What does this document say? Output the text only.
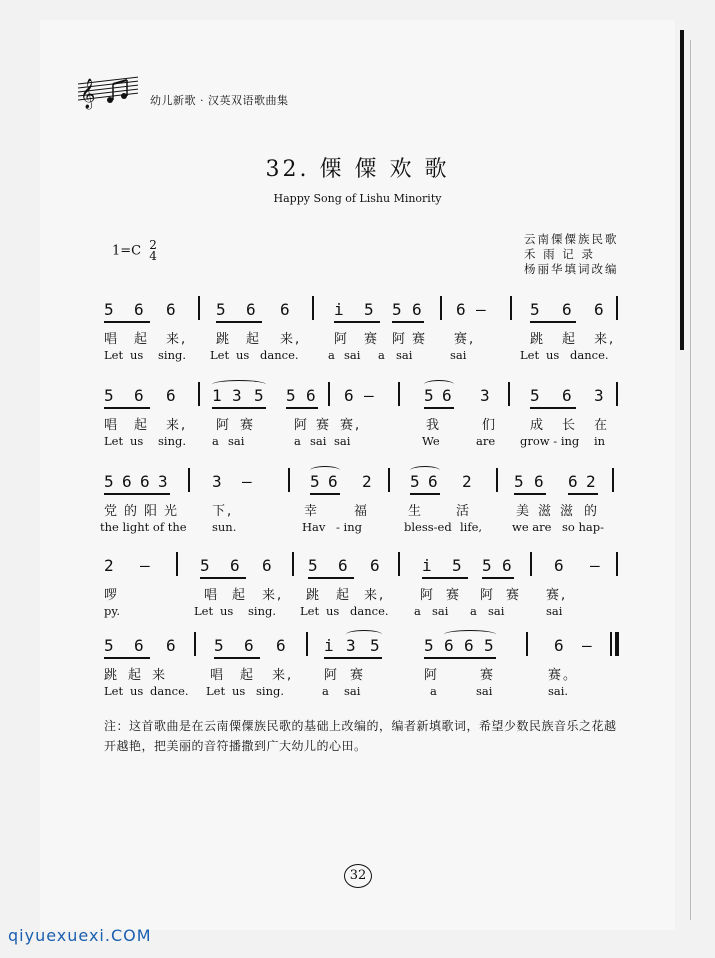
𝄞	幼儿新歌 · 汉英双语歌曲集
32. 傈 僳 欢 歌
Happy Song of Lishu Minority
1=C 2
4
云南傈僳族民歌
禾 雨 记 录
杨丽华填词改编
5 6 6	5 6 6	i 5 5 6 6 —	5 6 6
唱 起 来, 跳 起 来,	阿 赛 阿 赛 赛,	跳 起 来,
Let us sing. Let us dance.	a sai a sai	sai	Let us dance.
5 6 6 1 3 5 5 6 6 —	5 6 3	5 6 3
唱 起 来, 阿 赛	阿 赛 赛,	我	们	成 长 在
Let us sing. a sai	a sai sai	We	are grow - ing in
5 6 6 3	3 —	5 6 2 5 6 2	5 6 6 2
党 的 阳 光	下,	幸	福	生	活	美 滋 滋 的
the light of the sun.	Hav - ing	bless-ed life,	we are so hap-
2 —	5 6 6 5 6 6	i 5 5 6	6 —
啰	唱 起 来, 跳 起 来,	阿 赛 阿 赛 赛,
py.	Let us sing. Let us dance. a sai a sai	sai
5 6 6 5 6 6 i 3 5	5 6 6 5	6 —
跳 起 来	唱 起 来, 阿 赛	阿	赛	赛。
Let us dance. Let us sing.	a sai	a	sai	sai.
注：这首歌曲是在云南傈僳族民歌的基础上改编的，编者新填歌词，希望少数民族音乐之花越开越艳，把美丽的音符播撒到广大幼儿的心田。
32
qiyuexuexi.COM
